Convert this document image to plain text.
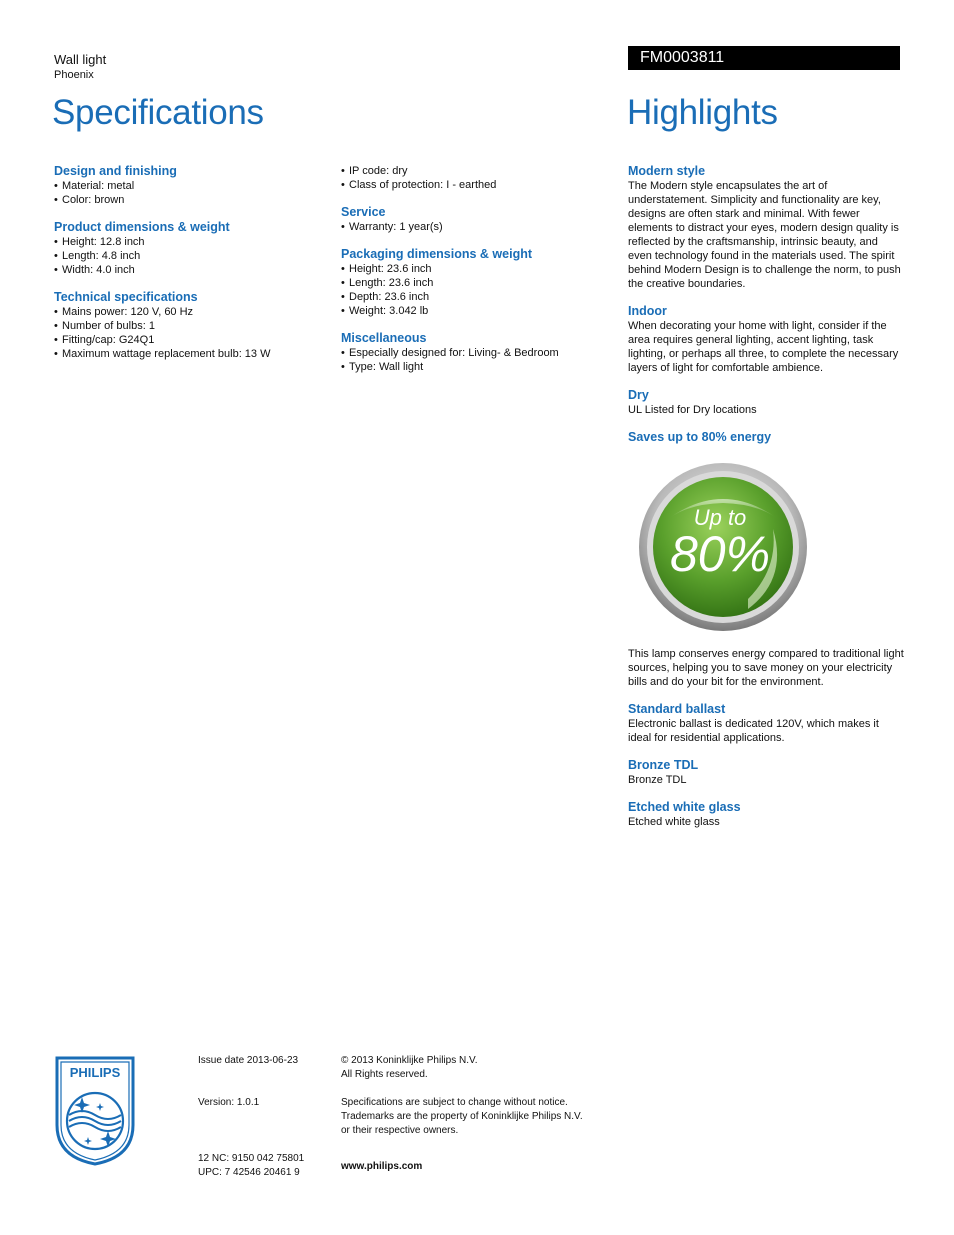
Wall light
Phoenix
Specifications
FM0003811
Highlights
Design and finishing
• Material: metal
• Color: brown
Product dimensions & weight
• Height: 12.8 inch
• Length: 4.8 inch
• Width: 4.0 inch
Technical specifications
• Mains power: 120 V, 60 Hz
• Number of bulbs: 1
• Fitting/cap: G24Q1
• Maximum wattage replacement bulb: 13 W
• IP code: dry
• Class of protection: I - earthed
Service
• Warranty: 1 year(s)
Packaging dimensions & weight
• Height: 23.6 inch
• Length: 23.6 inch
• Depth: 23.6 inch
• Weight: 3.042 lb
Miscellaneous
• Especially designed for: Living- & Bedroom
• Type: Wall light
Modern style
The Modern style encapsulates the art of understatement. Simplicity and functionality are key, designs are often stark and minimal. With fewer elements to distract your eyes, modern design quality is reflected by the craftsmanship, intrinsic beauty, and even technology found in the materials used. The spirit behind Modern Design is to challenge the norm, to push the creative boundaries.
Indoor
When decorating your home with light, consider if the area requires general lighting, accent lighting, task lighting, or perhaps all three, to complete the necessary layers of light for comfortable ambience.
Dry
UL Listed for Dry locations
Saves up to 80% energy
Up to
80%
This lamp conserves energy compared to traditional light sources, helping you to save money on your electricity bills and do your bit for the environment.
Standard ballast
Electronic ballast is dedicated 120V, which makes it ideal for residential applications.
Bronze TDL
Bronze TDL
Etched white glass
Etched white glass
PHILIPS
Issue date 2013-06-23
Version: 1.0.1
12 NC: 9150 042 75801
UPC: 7 42546 20461 9
© 2013 Koninklijke Philips N.V.
All Rights reserved.
Specifications are subject to change without notice.
Trademarks are the property of Koninklijke Philips N.V.
or their respective owners.
www.philips.com
